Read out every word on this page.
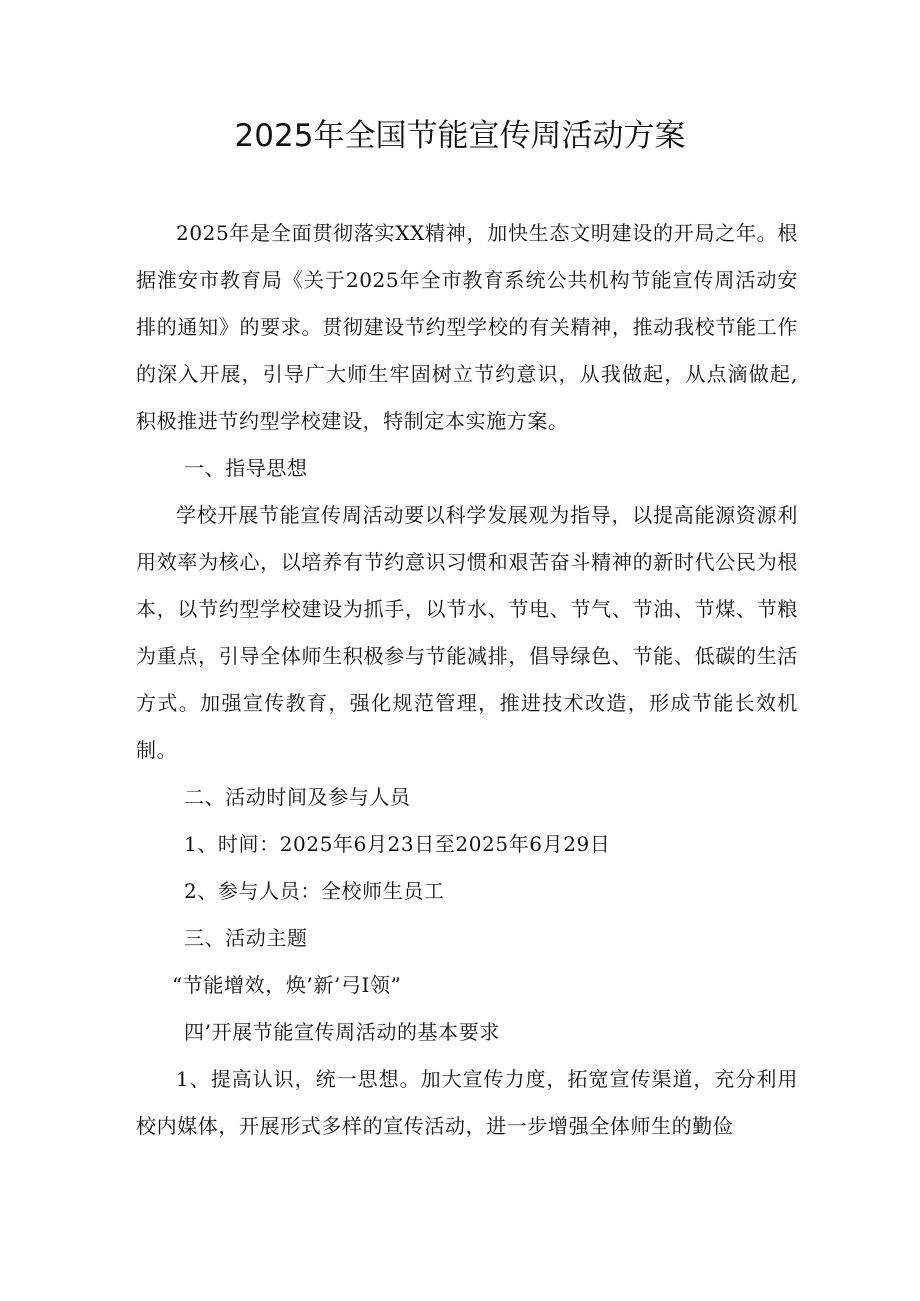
2025年全国节能宣传周活动方案

2025年是全面贯彻落实XX精神，加快生态文明建设的开局之年。根据淮安市教育局《关于2025年全市教育系统公共机构节能宣传周活动安排的通知》的要求。贯彻建设节约型学校的有关精神，推动我校节能工作的深入开展，引导广大师生牢固树立节约意识，从我做起，从点滴做起,积极推进节约型学校建设，特制定本实施方案。

一、指导思想

学校开展节能宣传周活动要以科学发展观为指导，以提高能源资源利用效率为核心，以培养有节约意识习惯和艰苦奋斗精神的新时代公民为根本，以节约型学校建设为抓手，以节水、节电、节气、节油、节煤、节粮为重点，引导全体师生积极参与节能减排，倡导绿色、节能、低碳的生活方式。加强宣传教育，强化规范管理，推进技术改造，形成节能长效机制。

二、活动时间及参与人员

1、时间：2025年6月23日至2025年6月29日

2、参与人员：全校师生员工

三、活动主题

“节能增效，焕’新’弓I领”

四’开展节能宣传周活动的基本要求

1、提高认识，统一思想。加大宣传力度，拓宽宣传渠道，充分利用校内媒体，开展形式多样的宣传活动，进一步增强全体师生的勤俭
